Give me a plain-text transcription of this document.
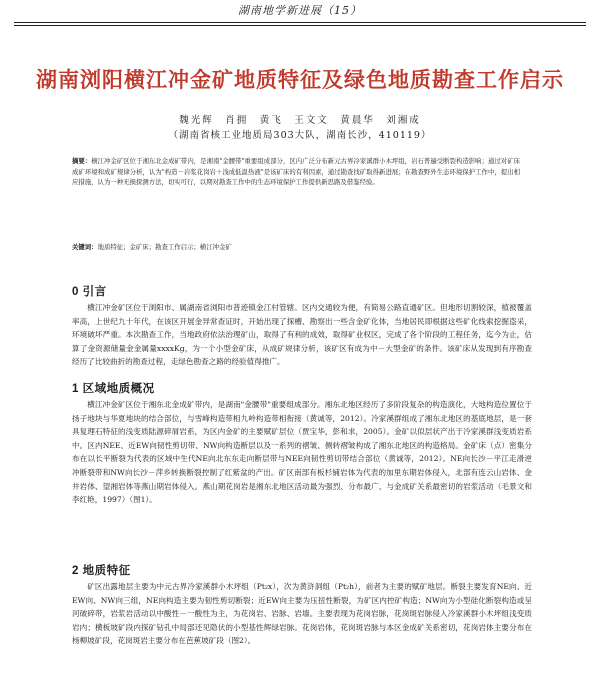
湖南地学新进展（15）
湖南浏阳横江冲金矿地质特征及绿色地质勘查工作启示
魏光辉　肖拥　黄飞　王文文　黄晨华　刘湘成
（湖南省核工业地质局303大队，湖南长沙，410119）
摘要：横江冲金矿区位于湘东北金成矿带内，是湘南"金腰带"重要组成部分，区内广泛分布新元古界冷家溪群小木坪组，岩石普遍受断裂构造影响；通过对矿床成矿环境和成矿规律分析，认为"构造－岩浆花岗岩＋浅成低温热液"是该矿床的有利因素，通过勘查找矿取得新进展；在勘查野外生态环境保护工作中，提出相应措施，认为一种无损探测方法，切实可行，以期对勘查工作中的生态环境保护工作提供新思路及借鉴经验。
关键词：地质特征；金矿床；勘查工作启示；横江冲金矿
0 引言
横江冲金矿区位于浏阳市、属湖南省浏阳市普迹镇金江村管辖。区内交通较为便，有简易公路直通矿区。但地形切割较深，植被覆盖率高，上世纪九十年代，在该区开展金异常查证时，开始出现了探槽、勘察出一些含金矿化体，当地居民即根据这些矿化线索挖掘盗采，环境破坏严重。本次勘查工作，当地政府依法治理矿山，取得了有利的成效，取得矿业权区，完成了各个阶段的工程任务，迄今为止，估算了金资源储量金金属量xxxxKg，为一个小型金矿床，从成矿规律分析，该矿区有成为中－大型金矿的条件。该矿床从发现到有序勘查经历了比较曲折的勘查过程，走绿色勘查之路的经验值得推广。
1 区域地质概况
横江冲金矿区位于湘东北金成矿带内，是湖南"金腰带"重要组成部分。湘东北地区经历了多阶段复杂的构造演化，大地构造位置位于扬子地块与华夏地块的结合部位，与雪峰构造带相九岭构造带相衔接（黄诚等，2012）。冷家溪群组成了湘东北地区的基底地层，是一套具复理石特征的浅变质陆源碎屑岩系，为区内金矿的主要赋矿层位（贾宝华，彭和求，2005）。金矿以似层状产出于冷家溪群浅变质岩系中。区内NEE、近EW向韧性剪切带、NW向构造断层以及一系列的褶皱、侧转褶皱构成了湘东北地区的构造格局。金矿床（点）密集分布在以长平断裂为代表的区域中生代NE向北东东走向断层带与NEE向韧性剪切带结合部位（黄诚等，2012）。NE向长沙－平江走滑逆冲断裂带和NW向长沙－萍乡转换断裂控制了红紫盆的产出。矿区南部有板杉铺岩体为代表的加里东期岩体侵入，北部有连云山岩体、金井岩体、望湘岩体等燕山期岩体侵入。燕山期花岗岩是湘东北地区活动最为强烈、分布最广、与金成矿关系最密切的岩浆活动（毛景文和李红艳，1997）（图1）。
2 地质特征
矿区出露地层主要为中元古界冷家溪群小木坪组（Pt₂x），次为黄浒洞组（Pt₂h），前者为主要的赋矿地层。断裂主要发育NE向、近EW向、NW向三组，NE向构造主要为韧性剪切断裂；近EW向主要为压扭性断裂，为矿区内控矿构造；NW向为小型硅化断裂构造或呈河破碎带，岩浆岩活动以中酸性－一酸性为主，为花岗岩、岩脉、岩墙。主要表现为花岗岩脉，花岗斑岩脉侵入冷家溪群小木坪组浅变质岩内；横板坡矿段内探矿钻孔中局部还见隐伏的小型基性辉绿岩脉。花岗岩体，花岗斑岩脉与本区金成矿关系密切，花岗岩体主要分布在杨柳坡矿段，花岗斑岩主要分布在芭蕉坡矿段（图2）。
